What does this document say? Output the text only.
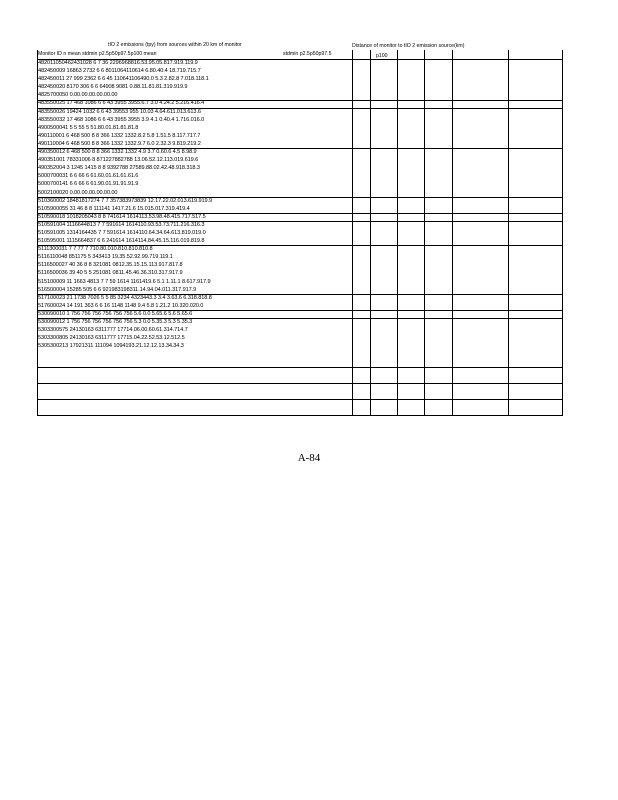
tIO 2 emissions (tpy) from sources within 20 km of monitor
Monitor ID n mean stdmin p2.5p50p97.5p100 mean	stdmin p2.5p50p97.5
Distance of monitor to tIO 2 emission source(km)
p100
482011050462431028 6 7 36 2296968816.53.95.05.817.919.119.9
482450009 16863 2732 6 6 8011064110614 6.80.40.4 18.719.715.7
482450011 27 999 2362 6 6 45 110641106490.0 5.3 2.82.8 7.018.118.1
482450020 8170 306 6 6 64908 9081 0.88.11.81.81.319.919.9
4825700050 0.00.00.00.00.00.00
483550025 17 468 1086 6 6 43 3955 3955.6.7 3.0 4.24.2 5.216.416.4
483550026 19424 1032 6 6 43 39553 955 10.03 4.64.611.013.613.6
483550032 17 468 1086 6 6 43 3955 3955 3.9 4.1 0.40.4 1.716.016.0
4900500041 5 5 55 5 51.80.01.81.81.81.8
490110001 6 468 500 8 8 366 1332 1332.8.2 5.8 1.51.5 8.117.717.7
490110004 6 468 500 8 8 366 1332 1332.9.7 6.0 2.32.3 9.819.219.2
490350012 6 468 500 8 8 366 1332 1332 4.9 3.7 0.60.6 4.5 8.98.9
490351001 78331006 8 871227882788 13.06.52.12.113.019.619.6
490352004 3 1245 1415 8 8 9392788 27589.88.02.42.48.918.318.3
5000700031 6 6 66 6 61.60.01.61.61.61.6
5000700141 6 6 66 6 61.90.01.91.91.91.9
5002100020 0.00.00.00.00.00.00
510360002 18481817274 7 7 357383973839 12.17.22.02.013.619.919.9
5105900055 31 46 8 8 111141 1417.21.6 15.015.017.319.419.4
510590018 1018205043 8 8 741614 1614113.53.98.48.415.717.517.5
510591004 1116644813 7 7 591614 1614110.93.53.73.711.216.316.3
510591005 1314164435 7 7 591614 1614110.64.34.64.613.819.019.0
510595001 1115664837 6 6 241614 1614114.84.45.15.116.019.819.8
5111300031 7 7 77 7 710.80.010.810.810.810.8
5116110048 851175 5 343413 19.35.52.92.99.719.119.1
5116500027 40 36 8 8 321081 0812.35.15.15.113.917.817.8
5116500036 39 40 5 5 251081 0811.45.46.36.310.317.917.9
515100009 11 1663 4813 7 7 59 1614 1161419.6 5.1 1.11.1 8.617.917.9
516500004 15285 505 6 6 921983198311.14.94.04.011.317.917.9
517100023 21 1738 7026 5 5 85 3234 4323443.3 3.4 3.63.6 6.318.818.8
517600024 14 191 363 6 6 16 1148 1148 9.4 5.8 1.21.2 10.320.020.0
530090010 1 756 756 756 756 756 756 5.6 0.0 5.65.6 5.6 5.65.6
530090012 1 756 756 756 756 756 756 5.3 0.0 5.35.3 5.3 5.35.3
5303300575 24130163 6311777 17714.06.00.60.61.314.714.7
5303300805 24130163 6311777 17715.04.22.52.53.12.512.5
5305300213 17921311 111094 1094193.21.12.12.13.34.34.3
A-84
